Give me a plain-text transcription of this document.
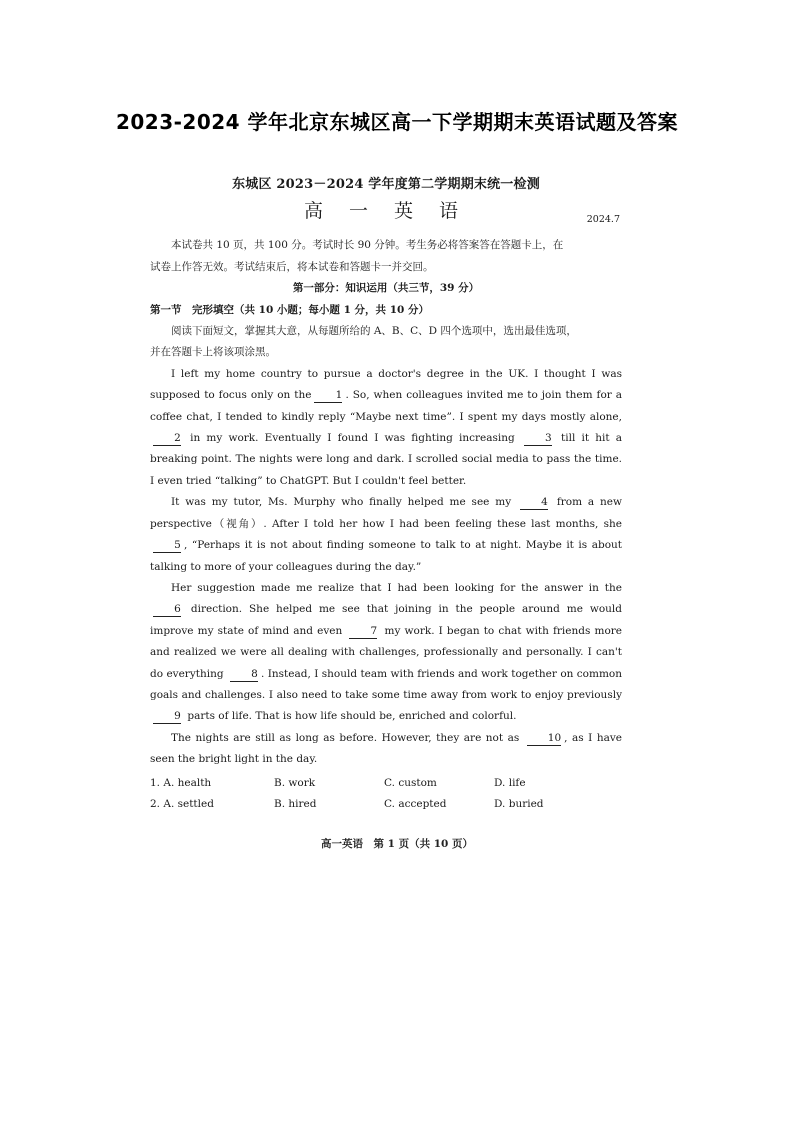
2023-2024 学年北京东城区高一下学期期末英语试题及答案
东城区 2023－2024 学年度第二学期期末统一检测
高 一 英 语	2024.7

本试卷共 10 页，共 100 分。考试时长 90 分钟。考生务必将答案答在答题卡上，在

试卷上作答无效。考试结束后，将本试卷和答题卡一并交回。

第一部分：知识运用（共三节，39 分）

第一节　完形填空（共 10 小题；每小题 1 分，共 10 分）

阅读下面短文，掌握其大意，从每题所给的 A、B、C、D 四个选项中，选出最佳选项，

并在答题卡上将该项涂黑。

I left my home country to pursue a doctor's degree in the UK. I thought I was supposed to focus only on the 1 . So, when colleagues invited me to join them for a coffee chat, I tended to kindly reply “Maybe next time”. I spent my days mostly alone, 2 in my work. Eventually I found I was fighting increasing	3 till it hit a breaking point. The nights were long and dark. I scrolled social media to pass the time. I even tried “talking” to ChatGPT. But I couldn't feel better.

It was my tutor, Ms. Murphy who finally helped me see my	4 from a new perspective（视角）. After I told her how I had been feeling these last months, she 5 , “Perhaps it is not about finding someone to talk to at night. Maybe it is about talking to more of your colleagues during the day.”

Her suggestion made me realize that I had been looking for the answer in the 6 direction. She helped me see that joining in the people around me would improve my state of mind and even	7 my work. I began to chat with friends more and realized we were all dealing with challenges, professionally and personally. I can't do everything	8 . Instead, I should team with friends and work together on common goals and challenges. I also need to take some time away from work to enjoy previously 9 parts of life. That is how life should be, enriched and colorful.

The nights are still as long as before. However, they are not as	10 , as I have seen the bright light in the day.

1. A. health	B. work	C. custom	D. life
2. A. settled	B. hired	C. accepted	D. buried
高一英语　第 1 页（共 10 页）
